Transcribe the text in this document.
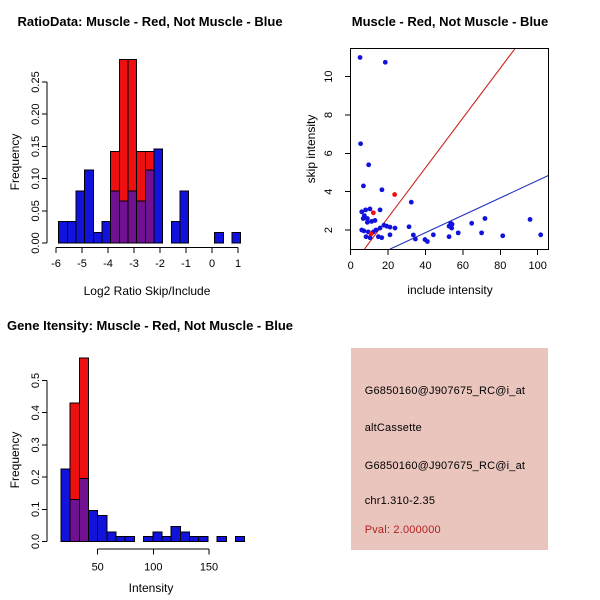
RatioData: Muscle - Red, Not Muscle - Blue
0.00
0.05
0.10
0.15
0.20
0.25
-6 -5 -4 -3 -2 -1 0 1
Frequency
Log2 Ratio Skip/Include
Muscle - Red, Not Muscle - Blue
0	20 40 60 80 100
2
4
6
8
10
skip intensity
include intensity
Gene Itensity: Muscle - Red, Not Muscle - Blue
0.0
0.1
0.2
0.3
0.4
0.5
50	100	150
Frequency
Intensity
G6850160@J907675_RC@i_at
altCassette
G6850160@J907675_RC@i_at
chr1.310-2.35
Pval: 2.000000
